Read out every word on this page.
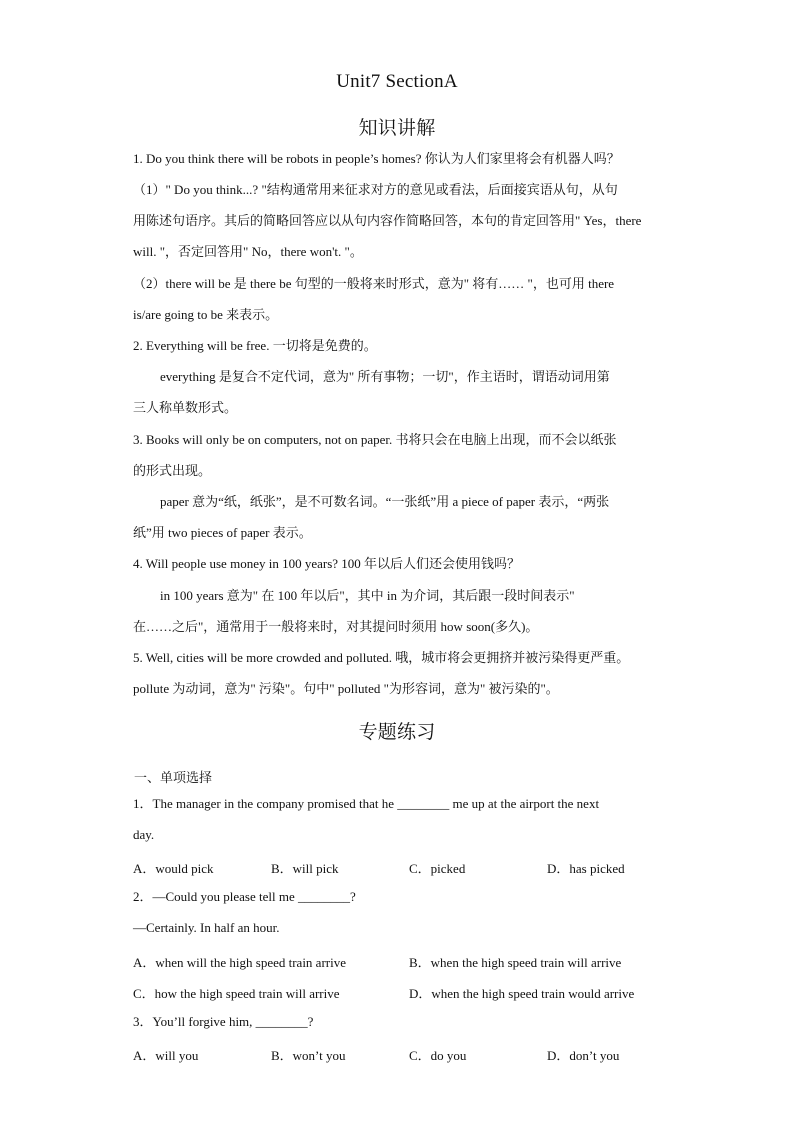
Unit7 SectionA
知识讲解
1. Do you think there will be robots in people’s homes? 你认为人们家里将会有机器人吗？
（1）" Do you think...? "结构通常用来征求对方的意见或看法，后面接宾语从句，从句
用陈述句语序。其后的简略回答应以从句内容作简略回答，本句的肯定回答用" Yes，there
will. "，否定回答用" No，there won't. "。
（2）there will be 是 there be 句型的一般将来时形式，意为" 将有…… "，也可用 there
is/are going to be 来表示。
2. Everything will be free. 一切将是免费的。
everything 是复合不定代词，意为" 所有事物；一切"，作主语时，谓语动词用第
三人称单数形式。
3. Books will only be on computers, not on paper. 书将只会在电脑上出现，而不会以纸张
的形式出现。
paper 意为“纸，纸张”，是不可数名词。“一张纸”用 a piece of paper 表示，“两张
纸”用 two pieces of paper 表示。
4. Will people use money in 100 years? 100 年以后人们还会使用钱吗？
in 100 years 意为" 在 100 年以后"，其中 in 为介词，其后跟一段时间表示"
在……之后"，通常用于一般将来时，对其提问时须用 how soon(多久)。
5. Well, cities will be more crowded and polluted. 哦，城市将会更拥挤并被污染得更严重。
pollute 为动词，意为" 污染"。句中" polluted "为形容词，意为" 被污染的"。
专题练习
一、单项选择
1．The manager in the company promised that he ________ me up at the airport the next
day.
A．would pick	B．will pick	C．picked	D．has picked
2．—Could you please tell me ________?
—Certainly. In half an hour.
A．when will the high speed train arrive	B．when the high speed train will arrive
C．how the high speed train will arrive	D．when the high speed train would arrive
3．You’ll forgive him, ________?
A．will you	B．won’t you	C．do you	D．don’t you
